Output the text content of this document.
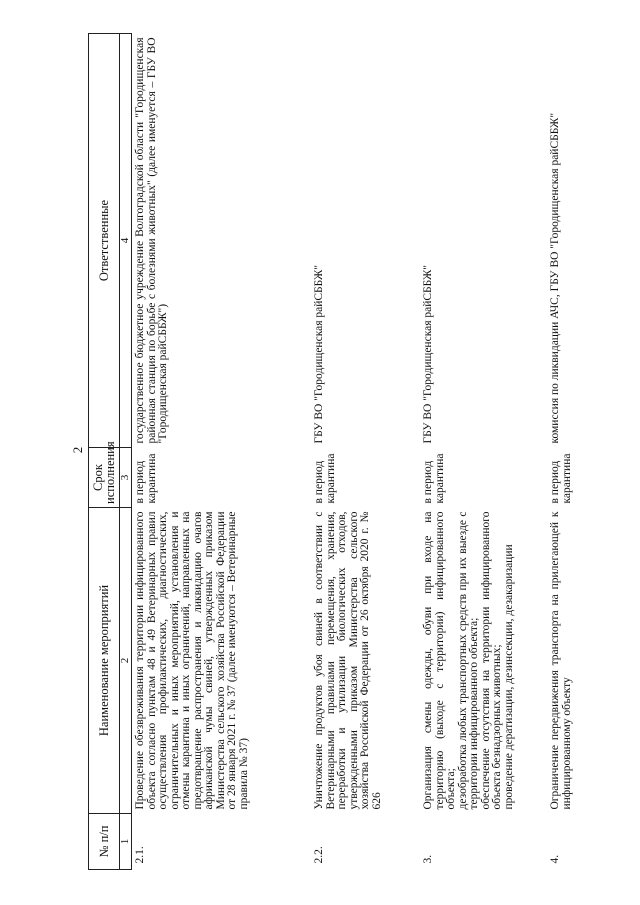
2
№ п/п	Наименование мероприятий	Срок исполнения	Ответственные
1	2	3	4
2.1.	Проведение обезвреживания территории инфицированного объекта согласно пунктам 48 и 49 Ветеринарных правил осуществления профилактических, диагностических, ограничительных и иных мероприятий, установления и отмены карантина и иных ограничений, направленных на предотвращение распространения и ликвидацию очагов африканской чумы свиней, утвержденных приказом Министерства сельского хозяйства Российской Федерации от 28 января 2021 г. № 37 (далее именуются – Ветеринарные правила № 37)	в период карантина	государственное бюджетное учреждение Волгоградской области "Городищенская районная станция по борьбе с болезнями животных" (далее именуется – ГБУ ВО "Городищенская райСББЖ")
2.2.	Уничтожение продуктов убоя свиней в соответствии с Ветеринарными правилами перемещения, хранения, переработки и утилизации биологических отходов, утвержденными приказом Министерства сельского хозяйства Российской Федерации от 26 октября 2020 г. № 626	в период карантина	ГБУ ВО "Городищенская райСББЖ"
3.	Организация смены одежды, обуви при входе на территорию (выходе с территории) инфицированного объекта; дезобработка любых транспортных средств при их выезде с территории инфицированного объекта; обеспечение отсутствия на территории инфицированного объекта безнадзорных животных; проведение дератизации, дезинсекции, дезакаризации	в период карантина	ГБУ ВО "Городищенская райСББЖ"
4.	Ограничение передвижения транспорта на прилегающей к инфицированному объекту	в период карантина	комиссия по ликвидации АЧС, ГБУ ВО "Городищенская райСББЖ"
